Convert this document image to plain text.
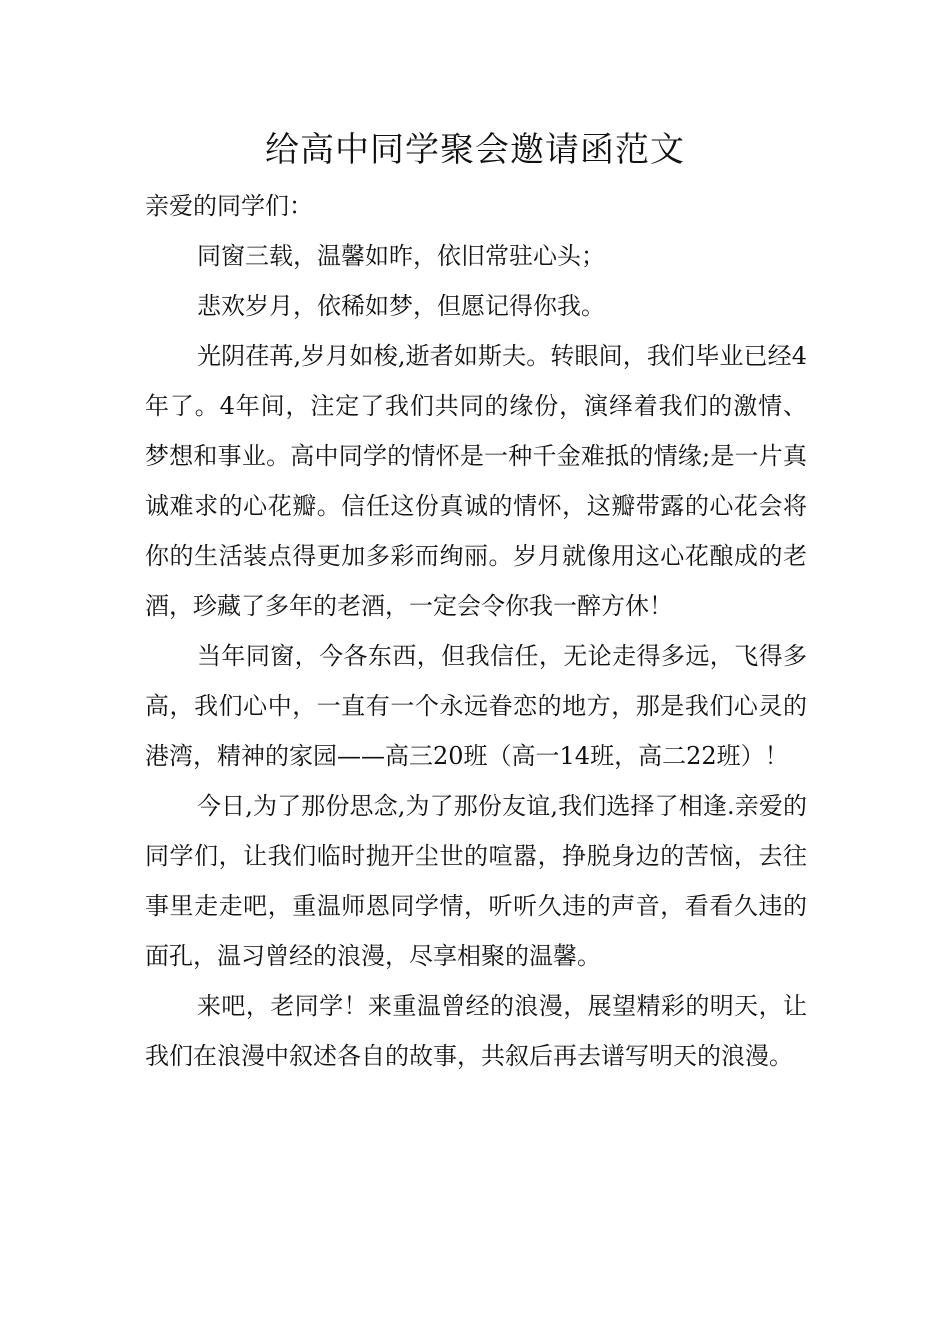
给高中同学聚会邀请函范文

亲爱的同学们：

同窗三载，温馨如昨，依旧常驻心头；

悲欢岁月，依稀如梦，但愿记得你我。

光阴荏苒,岁月如梭,逝者如斯夫。转眼间，我们毕业已经4年了。4年间，注定了我们共同的缘份，演绎着我们的激情、梦想和事业。高中同学的情怀是一种千金难抵的情缘;是一片真诚难求的心花瓣。信任这份真诚的情怀，这瓣带露的心花会将你的生活装点得更加多彩而绚丽。岁月就像用这心花酿成的老酒，珍藏了多年的老酒，一定会令你我一醉方休！

当年同窗，今各东西，但我信任，无论走得多远，飞得多高，我们心中，一直有一个永远眷恋的地方，那是我们心灵的港湾，精神的家园——高三20班（高一14班，高二22班）！

今日,为了那份思念,为了那份友谊,我们选择了相逢.亲爱的同学们，让我们临时抛开尘世的喧嚣，挣脱身边的苦恼，去往事里走走吧，重温师恩同学情，听听久违的声音，看看久违的面孔，温习曾经的浪漫，尽享相聚的温馨。

来吧，老同学！来重温曾经的浪漫，展望精彩的明天，让我们在浪漫中叙述各自的故事，共叙后再去谱写明天的浪漫。
